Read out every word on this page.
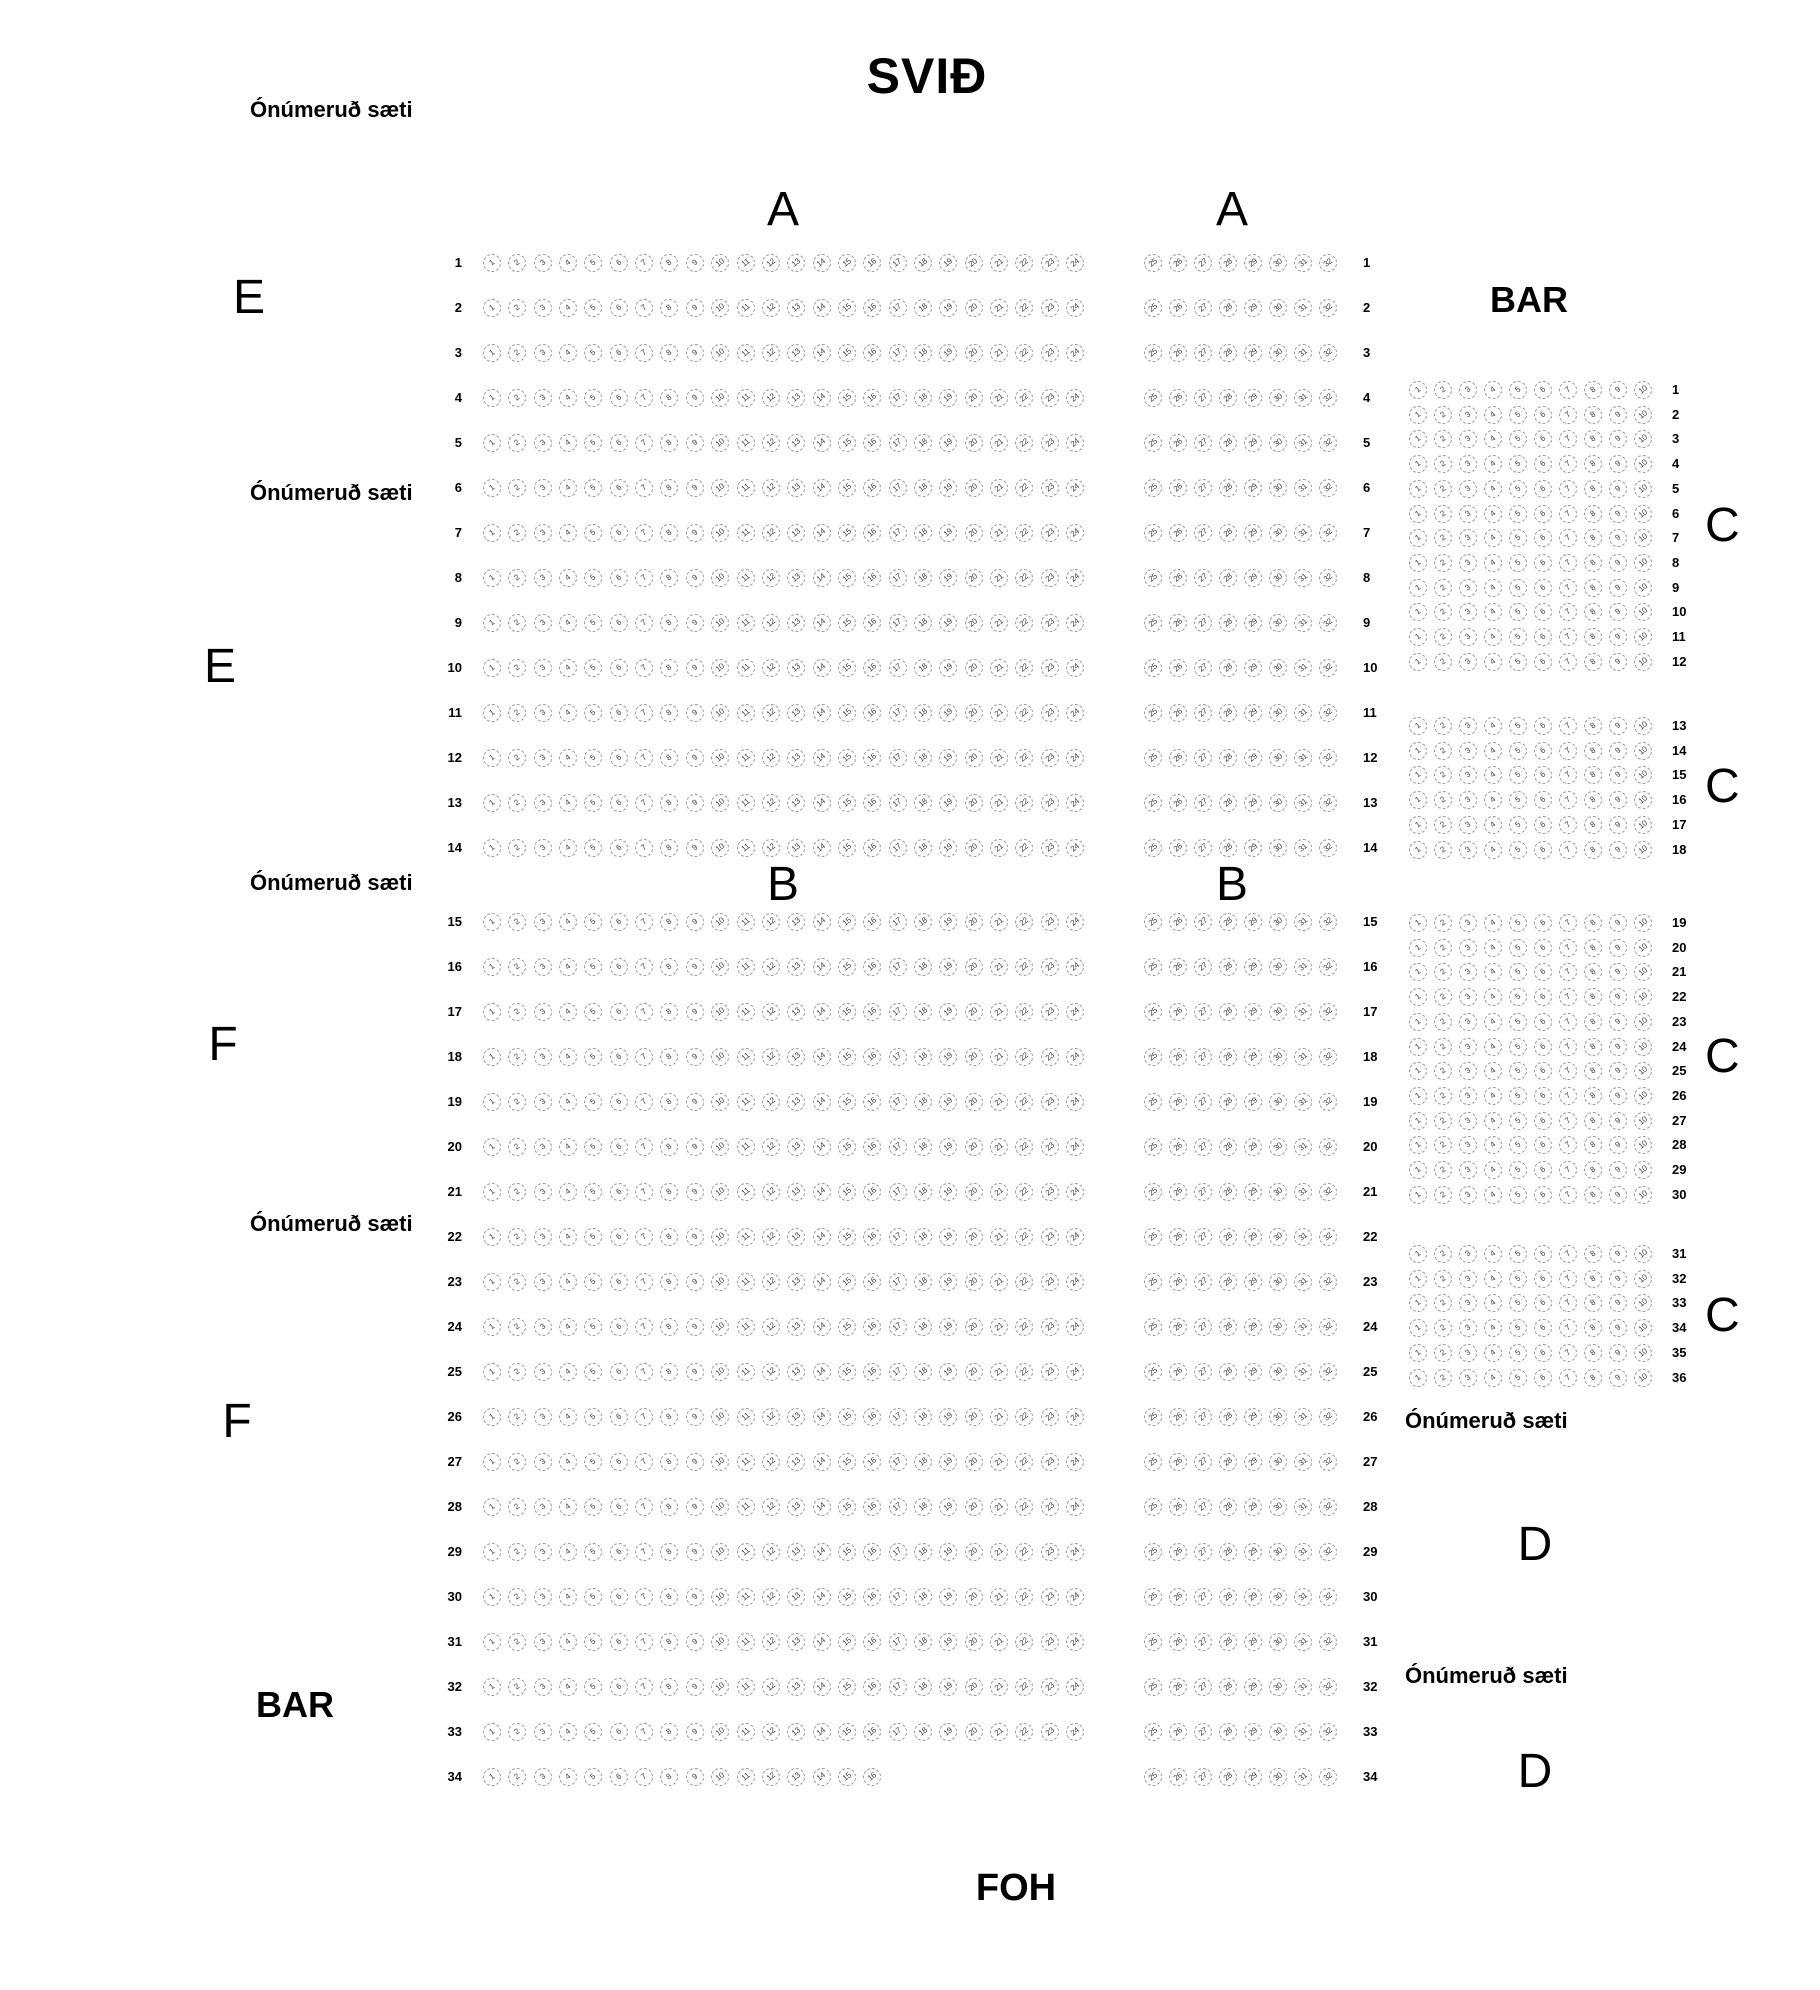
SVIÐ
Ónúmeruð sæti
A	A
B	B
E
Ónúmeruð sæti
E
Ónúmeruð sæti
F
Ónúmeruð sæti
F
BAR
BAR
C
C
C
C
Ónúmeruð sæti
D
Ónúmeruð sæti
D
FOH
1	1 2 3 4 5 6 7 8 9 10 11 12 13 14 15 16 17 18 19 20 21 22 23 24	25 26 27 28 29 30 31 32 1
2	1 2 3 4 5 6 7 8 9 10 11 12 13 14 15 16 17 18 19 20 21 22 23 24	25 26 27 28 29 30 31 32 2
3	1 2 3 4 5 6 7 8 9 10 11 12 13 14 15 16 17 18 19 20 21 22 23 24	25 26 27 28 29 30 31 32 3
4	1 2 3 4 5 6 7 8 9 10 11 12 13 14 15 16 17 18 19 20 21 22 23 24	25 26 27 28 29 30 31 32 4
5	1 2 3 4 5 6 7 8 9 10 11 12 13 14 15 16 17 18 19 20 21 22 23 24	25 26 27 28 29 30 31 32 5
6	1 2 3 4 5 6 7 8 9 10 11 12 13 14 15 16 17 18 19 20 21 22 23 24	25 26 27 28 29 30 31 32 6
7	1 2 3 4 5 6 7 8 9 10 11 12 13 14 15 16 17 18 19 20 21 22 23 24	25 26 27 28 29 30 31 32 7
8	1 2 3 4 5 6 7 8 9 10 11 12 13 14 15 16 17 18 19 20 21 22 23 24	25 26 27 28 29 30 31 32 8
9	1 2 3 4 5 6 7 8 9 10 11 12 13 14 15 16 17 18 19 20 21 22 23 24	25 26 27 28 29 30 31 32 9
10	1 2 3 4 5 6 7 8 9 10 11 12 13 14 15 16 17 18 19 20 21 22 23 24	25 26 27 28 29 30 31 32 10
11	1 2 3 4 5 6 7 8 9 10 11 12 13 14 15 16 17 18 19 20 21 22 23 24	25 26 27 28 29 30 31 32 11
12	1 2 3 4 5 6 7 8 9 10 11 12 13 14 15 16 17 18 19 20 21 22 23 24	25 26 27 28 29 30 31 32 12
13	1 2 3 4 5 6 7 8 9 10 11 12 13 14 15 16 17 18 19 20 21 22 23 24	25 26 27 28 29 30 31 32 13
14	1 2 3 4 5 6 7 8 9 10 11 12 13 14 15 16 17 18 19 20 21 22 23 24	25 26 27 28 29 30 31 32 14
15	1 2 3 4 5 6 7 8 9 10 11 12 13 14 15 16 17 18 19 20 21 22 23 24	25 26 27 28 29 30 31 32 15
16	1 2 3 4 5 6 7 8 9 10 11 12 13 14 15 16 17 18 19 20 21 22 23 24	25 26 27 28 29 30 31 32 16
17	1 2 3 4 5 6 7 8 9 10 11 12 13 14 15 16 17 18 19 20 21 22 23 24	25 26 27 28 29 30 31 32 17
18	1 2 3 4 5 6 7 8 9 10 11 12 13 14 15 16 17 18 19 20 21 22 23 24	25 26 27 28 29 30 31 32 18
19	1 2 3 4 5 6 7 8 9 10 11 12 13 14 15 16 17 18 19 20 21 22 23 24	25 26 27 28 29 30 31 32 19
20	1 2 3 4 5 6 7 8 9 10 11 12 13 14 15 16 17 18 19 20 21 22 23 24	25 26 27 28 29 30 31 32 20
21	1 2 3 4 5 6 7 8 9 10 11 12 13 14 15 16 17 18 19 20 21 22 23 24	25 26 27 28 29 30 31 32 21
22	1 2 3 4 5 6 7 8 9 10 11 12 13 14 15 16 17 18 19 20 21 22 23 24	25 26 27 28 29 30 31 32 22
23	1 2 3 4 5 6 7 8 9 10 11 12 13 14 15 16 17 18 19 20 21 22 23 24	25 26 27 28 29 30 31 32 23
24	1 2 3 4 5 6 7 8 9 10 11 12 13 14 15 16 17 18 19 20 21 22 23 24	25 26 27 28 29 30 31 32 24
25	1 2 3 4 5 6 7 8 9 10 11 12 13 14 15 16 17 18 19 20 21 22 23 24	25 26 27 28 29 30 31 32 25
26	1 2 3 4 5 6 7 8 9 10 11 12 13 14 15 16 17 18 19 20 21 22 23 24	25 26 27 28 29 30 31 32 26
27	1 2 3 4 5 6 7 8 9 10 11 12 13 14 15 16 17 18 19 20 21 22 23 24	25 26 27 28 29 30 31 32 27
28	1 2 3 4 5 6 7 8 9 10 11 12 13 14 15 16 17 18 19 20 21 22 23 24	25 26 27 28 29 30 31 32 28
29	1 2 3 4 5 6 7 8 9 10 11 12 13 14 15 16 17 18 19 20 21 22 23 24	25 26 27 28 29 30 31 32 29
30	1 2 3 4 5 6 7 8 9 10 11 12 13 14 15 16 17 18 19 20 21 22 23 24	25 26 27 28 29 30 31 32 30
31	1 2 3 4 5 6 7 8 9 10 11 12 13 14 15 16 17 18 19 20 21 22 23 24	25 26 27 28 29 30 31 32 31
32	1 2 3 4 5 6 7 8 9 10 11 12 13 14 15 16 17 18 19 20 21 22 23 24	25 26 27 28 29 30 31 32 32
33	1 2 3 4 5 6 7 8 9 10 11 12 13 14 15 16 17 18 19 20 21 22 23 24	25 26 27 28 29 30 31 32 33
34	1 2 3 4 5 6 7 8 9 10 11 12 13 14 15 16	25 26 27 28 29 30 31 32 34
1 2 3 4 5 6 7 8 9 10 1
1 2 3 4 5 6 7 8 9 10 2
1 2 3 4 5 6 7 8 9 10 3
1 2 3 4 5 6 7 8 9 10 4
1 2 3 4 5 6 7 8 9 10 5
1 2 3 4 5 6 7 8 9 10 6
1 2 3 4 5 6 7 8 9 10 7
1 2 3 4 5 6 7 8 9 10 8
1 2 3 4 5 6 7 8 9 10 9
1 2 3 4 5 6 7 8 9 10 10
1 2 3 4 5 6 7 8 9 10 11
1 2 3 4 5 6 7 8 9 10 12
1 2 3 4 5 6 7 8 9 10 13
1 2 3 4 5 6 7 8 9 10 14
1 2 3 4 5 6 7 8 9 10 15
1 2 3 4 5 6 7 8 9 10 16
1 2 3 4 5 6 7 8 9 10 17
1 2 3 4 5 6 7 8 9 10 18
1 2 3 4 5 6 7 8 9 10 19
1 2 3 4 5 6 7 8 9 10 20
1 2 3 4 5 6 7 8 9 10 21
1 2 3 4 5 6 7 8 9 10 22
1 2 3 4 5 6 7 8 9 10 23
1 2 3 4 5 6 7 8 9 10 24
1 2 3 4 5 6 7 8 9 10 25
1 2 3 4 5 6 7 8 9 10 26
1 2 3 4 5 6 7 8 9 10 27
1 2 3 4 5 6 7 8 9 10 28
1 2 3 4 5 6 7 8 9 10 29
1 2 3 4 5 6 7 8 9 10 30
1 2 3 4 5 6 7 8 9 10 31
1 2 3 4 5 6 7 8 9 10 32
1 2 3 4 5 6 7 8 9 10 33
1 2 3 4 5 6 7 8 9 10 34
1 2 3 4 5 6 7 8 9 10 35
1 2 3 4 5 6 7 8 9 10 36
